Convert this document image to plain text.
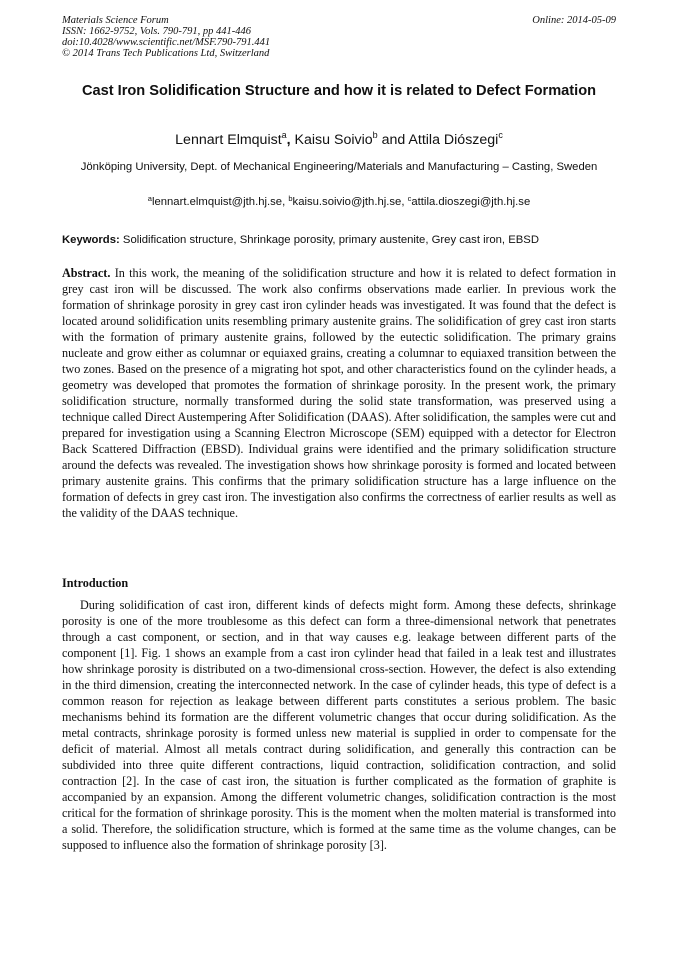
Materials Science Forum
ISSN: 1662-9752, Vols. 790-791, pp 441-446
doi:10.4028/www.scientific.net/MSF.790-791.441
© 2014 Trans Tech Publications Ltd, Switzerland
Online: 2014-05-09
Cast Iron Solidification Structure and how it is related to Defect Formation
Lennart Elmquist$^a$, Kaisu Soivio$^b$ and Attila Diószegi$^c$
Jönköping University, Dept. of Mechanical Engineering/Materials and Manufacturing – Casting, Sweden
$^a$lennart.elmquist@jth.hj.se, $^b$kaisu.soivio@jth.hj.se, $^c$attila.dioszegi@jth.hj.se
Keywords: Solidification structure, Shrinkage porosity, primary austenite, Grey cast iron, EBSD
Abstract. In this work, the meaning of the solidification structure and how it is related to defect formation in grey cast iron will be discussed. The work also confirms observations made earlier. In previous work the formation of shrinkage porosity in grey cast iron cylinder heads was investigated. It was found that the defect is located around solidification units resembling primary austenite grains. The solidification of grey cast iron starts with the formation of primary austenite grains, followed by the eutectic solidification. The primary grains nucleate and grow either as columnar or equiaxed grains, creating a columnar to equiaxed transition between the two zones. Based on the presence of a migrating hot spot, and other characteristics found on the cylinder heads, a geometry was developed that promotes the formation of shrinkage porosity. In the present work, the primary solidification structure, normally transformed during the solid state transformation, was preserved using a technique called Direct Austempering After Solidification (DAAS). After solidification, the samples were cut and prepared for investigation using a Scanning Electron Microscope (SEM) equipped with a detector for Electron Back Scattered Diffraction (EBSD). Individual grains were identified and the primary solidification structure around the defects was revealed. The investigation shows how shrinkage porosity is formed and located between primary austenite grains. This confirms that the primary solidification structure has a large influence on the formation of defects in grey cast iron. The investigation also confirms the correctness of earlier results as well as the validity of the DAAS technique.
Introduction
During solidification of cast iron, different kinds of defects might form. Among these defects, shrinkage porosity is one of the more troublesome as this defect can form a three-dimensional network that penetrates through a cast component, or section, and in that way causes e.g. leakage between different parts of the component [1]. Fig. 1 shows an example from a cast iron cylinder head that failed in a leak test and illustrates how shrinkage porosity is distributed on a two-dimensional cross-section. However, the defect is also extending in the third dimension, creating the interconnected network. In the case of cylinder heads, this type of defect is a common reason for rejection as leakage between different parts constitutes a serious problem. The basic mechanisms behind its formation are the different volumetric changes that occur during solidification. As the metal contracts, shrinkage porosity is formed unless new material is supplied in order to compensate for the deficit of material. Almost all metals contract during solidification, and generally this contraction can be subdivided into three quite different contractions, liquid contraction, solidification contraction, and solid contraction [2]. In the case of cast iron, the situation is further complicated as the formation of graphite is accompanied by an expansion. Among the different volumetric changes, solidification contraction is the most critical for the formation of shrinkage porosity. This is the moment when the molten material is transformed into a solid. Therefore, the solidification structure, which is formed at the same time as the volume changes, can be supposed to influence also the formation of shrinkage porosity [3].
